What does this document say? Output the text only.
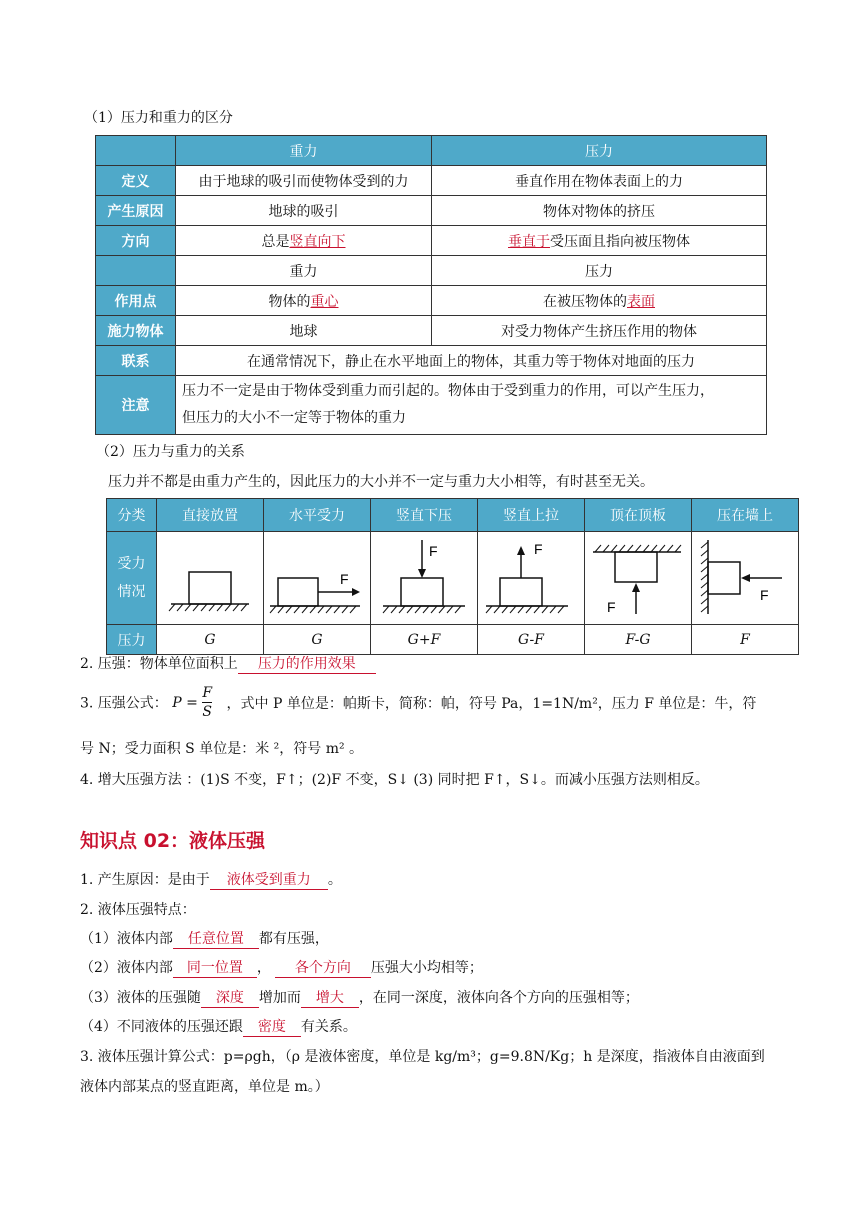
（1）压力和重力的区分
	重力	压力
定义	由于地球的吸引而使物体受到的力	垂直作用在物体表面上的力
产生原因	地球的吸引	物体对物体的挤压
方向	总是竖直向下	垂直于受压面且指向被压物体
	重力	压力
作用点	物体的重心	在被压物体的表面
施力物体	地球	对受力物体产生挤压作用的物体
联系	在通常情况下，静止在水平地面上的物体，其重力等于物体对地面的压力	
注意	压力不一定是由于物体受到重力而引起的。物体由于受到重力的作用，可以产生压力，
但压力的大小不一定等于物体的重力	
（2）压力与重力的关系
压力并不都是由重力产生的，因此压力的大小并不一定与重力大小相等，有时甚至无关。
分类	直接放置	水平受力	竖直下压	竖直上拉	顶在顶板	压在墙上

受力
情况		F	F	F	F	F

压力	G	G	G+F	G-F	F-G	F
2. 压强：物体单位面积上 压力的作用效果
3. 压强公式： $P = \frac{F}{S}$ ，式中 P 单位是：帕斯卡，简称：帕，符号 Pa，1=1N/m²，压力 F 单位是：牛，符
号 N；受力面积 S 单位是：米 ²，符号 m² 。
4. 增大压强方法 ：(1)S 不变，F↑；(2)F 不变，S↓ (3) 同时把 F↑，S↓。而减小压强方法则相反。
知识点 02：液体压强
1. 产生原因：是由于 液体受到重力 。
2. 液体压强特点：
（1）液体内部 任意位置 都有压强，
（2）液体内部 同一位置 ， 各个方向 压强大小均相等；
（3）液体的压强随 深度 增加而 增大 ，在同一深度，液体向各个方向的压强相等；
（4）不同液体的压强还跟 密度 有关系。
3. 液体压强计算公式：p=ρgh，（ρ 是液体密度，单位是 kg/m³；g=9.8N/Kg；h 是深度，指液体自由液面到
液体内部某点的竖直距离，单位是 m。）
